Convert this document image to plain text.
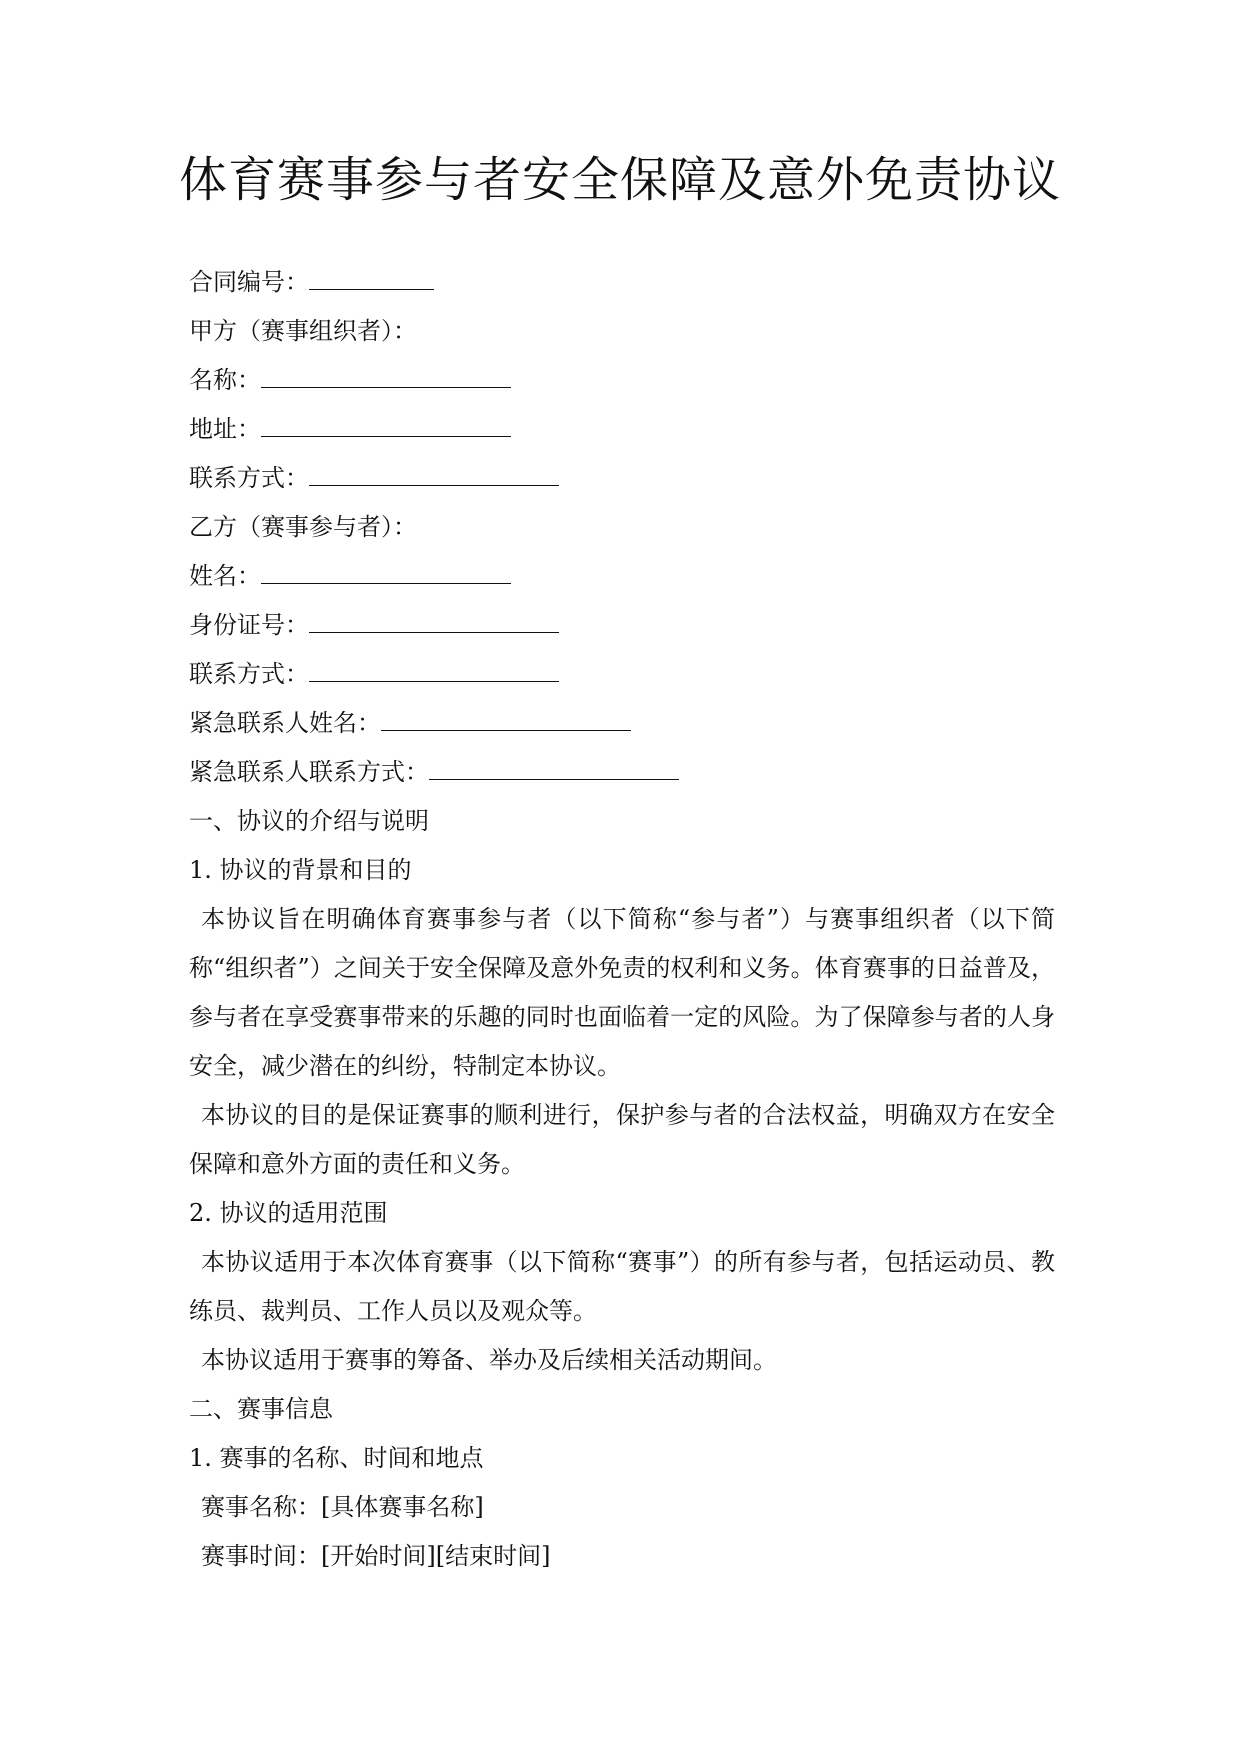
体育赛事参与者安全保障及意外免责协议
合同编号：
甲方（赛事组织者）：
名称：
地址：
联系方式：
乙方（赛事参与者）：
姓名：
身份证号：
联系方式：
紧急联系人姓名：
紧急联系人联系方式：
一、协议的介绍与说明
1. 协议的背景和目的
本协议旨在明确体育赛事参与者（以下简称“参与者”）与赛事组织者（以下简称“组织者”）之间关于安全保障及意外免责的权利和义务。体育赛事的日益普及，参与者在享受赛事带来的乐趣的同时也面临着一定的风险。为了保障参与者的人身安全，减少潜在的纠纷，特制定本协议。
本协议的目的是保证赛事的顺利进行，保护参与者的合法权益，明确双方在安全保障和意外方面的责任和义务。
2. 协议的适用范围
本协议适用于本次体育赛事（以下简称“赛事”）的所有参与者，包括运动员、教练员、裁判员、工作人员以及观众等。
本协议适用于赛事的筹备、举办及后续相关活动期间。
二、赛事信息
1. 赛事的名称、时间和地点
赛事名称：[具体赛事名称]
赛事时间：[开始时间][结束时间]
